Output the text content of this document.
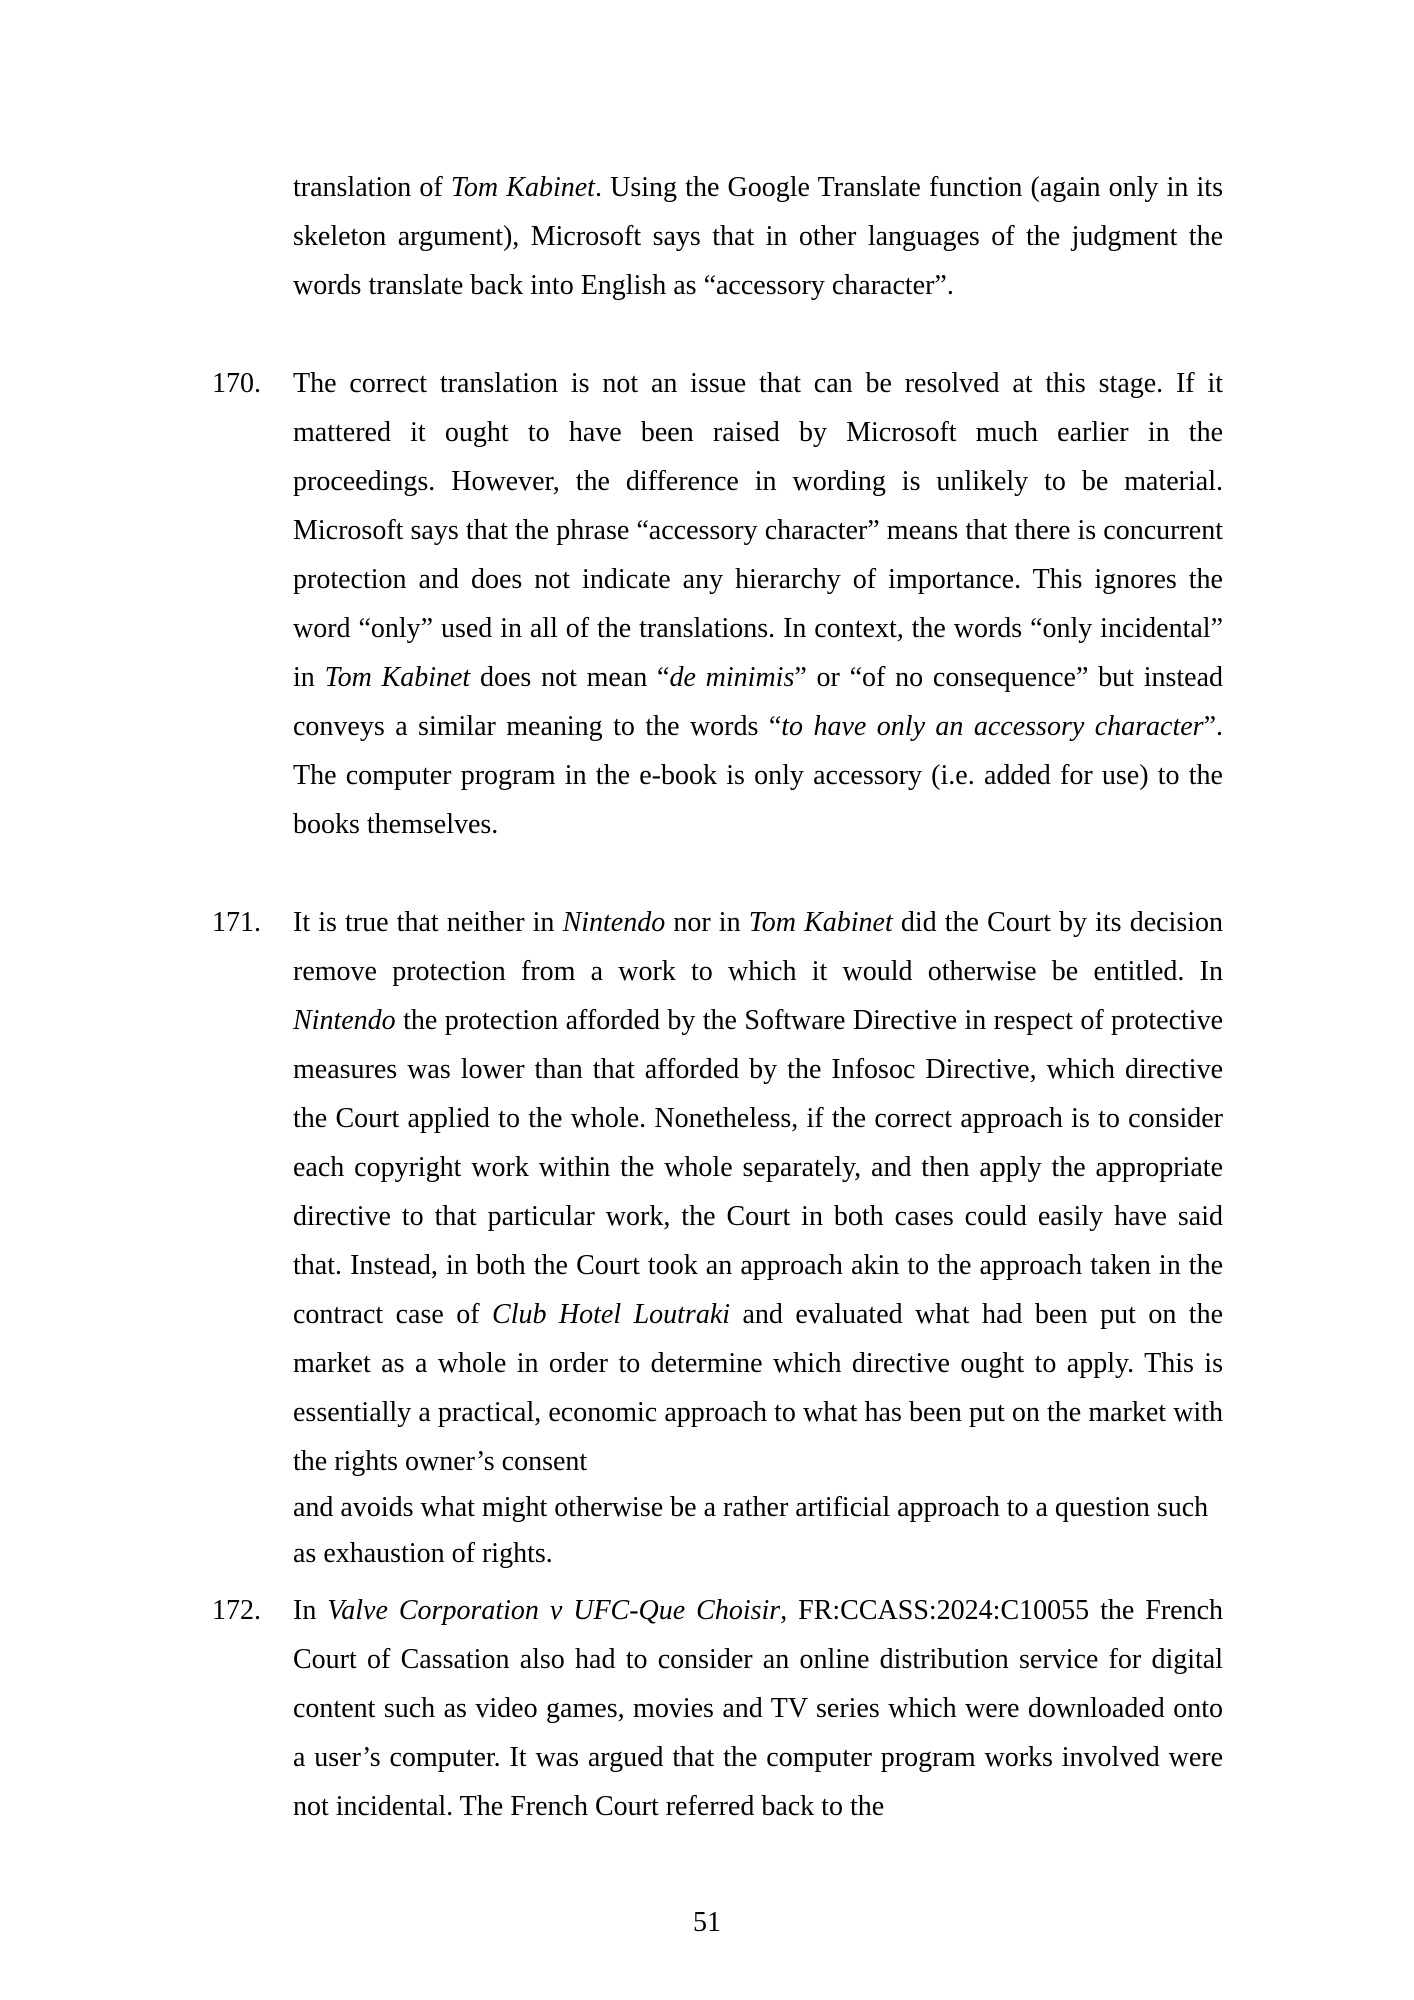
translation of Tom Kabinet. Using the Google Translate function (again only in its skeleton argument), Microsoft says that in other languages of the judgment the words translate back into English as “accessory character”.
170.	The correct translation is not an issue that can be resolved at this stage. If it mattered it ought to have been raised by Microsoft much earlier in the proceedings. However, the difference in wording is unlikely to be material. Microsoft says that the phrase “accessory character” means that there is concurrent protection and does not indicate any hierarchy of importance. This ignores the word “only” used in all of the translations. In context, the words “only incidental” in Tom Kabinet does not mean “de minimis” or “of no consequence” but instead conveys a similar meaning to the words “to have only an accessory character”. The computer program in the e-book is only accessory (i.e. added for use) to the books themselves.
171.	It is true that neither in Nintendo nor in Tom Kabinet did the Court by its decision remove protection from a work to which it would otherwise be entitled. In Nintendo the protection afforded by the Software Directive in respect of protective measures was lower than that afforded by the Infosoc Directive, which directive the Court applied to the whole. Nonetheless, if the correct approach is to consider each copyright work within the whole separately, and then apply the appropriate directive to that particular work, the Court in both cases could easily have said that. Instead, in both the Court took an approach akin to the approach taken in the contract case of Club Hotel Loutraki and evaluated what had been put on the market as a whole in order to determine which directive ought to apply. This is essentially a practical, economic approach to what has been put on the market with the rights owner’s consent
and avoids what might otherwise be a rather artificial approach to a question such as exhaustion of rights.
172.	In Valve Corporation v UFC-Que Choisir, FR:CCASS:2024:C10055 the French Court of Cassation also had to consider an online distribution service for digital content such as video games, movies and TV series which were downloaded onto a user’s computer. It was argued that the computer program works involved were not incidental. The French Court referred back to the
51
